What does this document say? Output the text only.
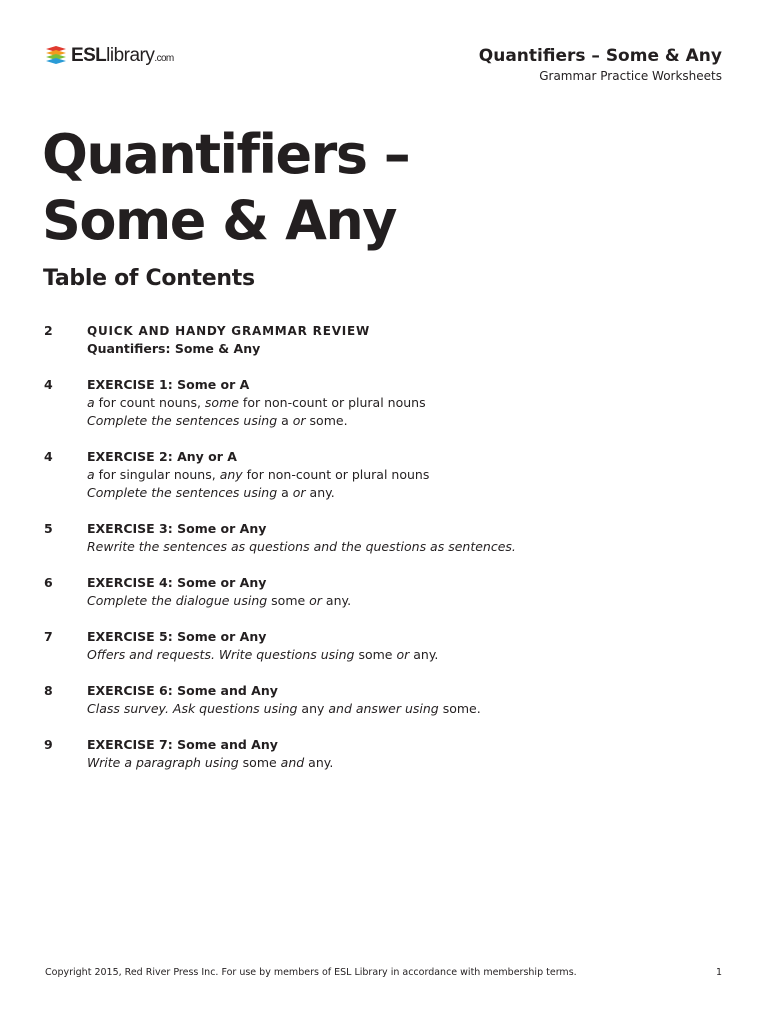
ESLlibrary.com	Quantifiers – Some & Any
Grammar Practice Worksheets
Quantifiers –
Some & Any
Table of Contents
2	QUICK AND HANDY GRAMMAR REVIEW
Quantifiers: Some & Any
4	EXERCISE 1: Some or A
a for count nouns, some for non-count or plural nouns
Complete the sentences using a or some.
4	EXERCISE 2: Any or A
a for singular nouns, any for non-count or plural nouns
Complete the sentences using a or any.
5	EXERCISE 3: Some or Any
Rewrite the sentences as questions and the questions as sentences.
6	EXERCISE 4: Some or Any
Complete the dialogue using some or any.
7	EXERCISE 5: Some or Any
Offers and requests. Write questions using some or any.
8	EXERCISE 6: Some and Any
Class survey. Ask questions using any and answer using some.
9	EXERCISE 7: Some and Any
Write a paragraph using some and any.
Copyright 2015, Red River Press Inc. For use by members of ESL Library in accordance with membership terms.	1
